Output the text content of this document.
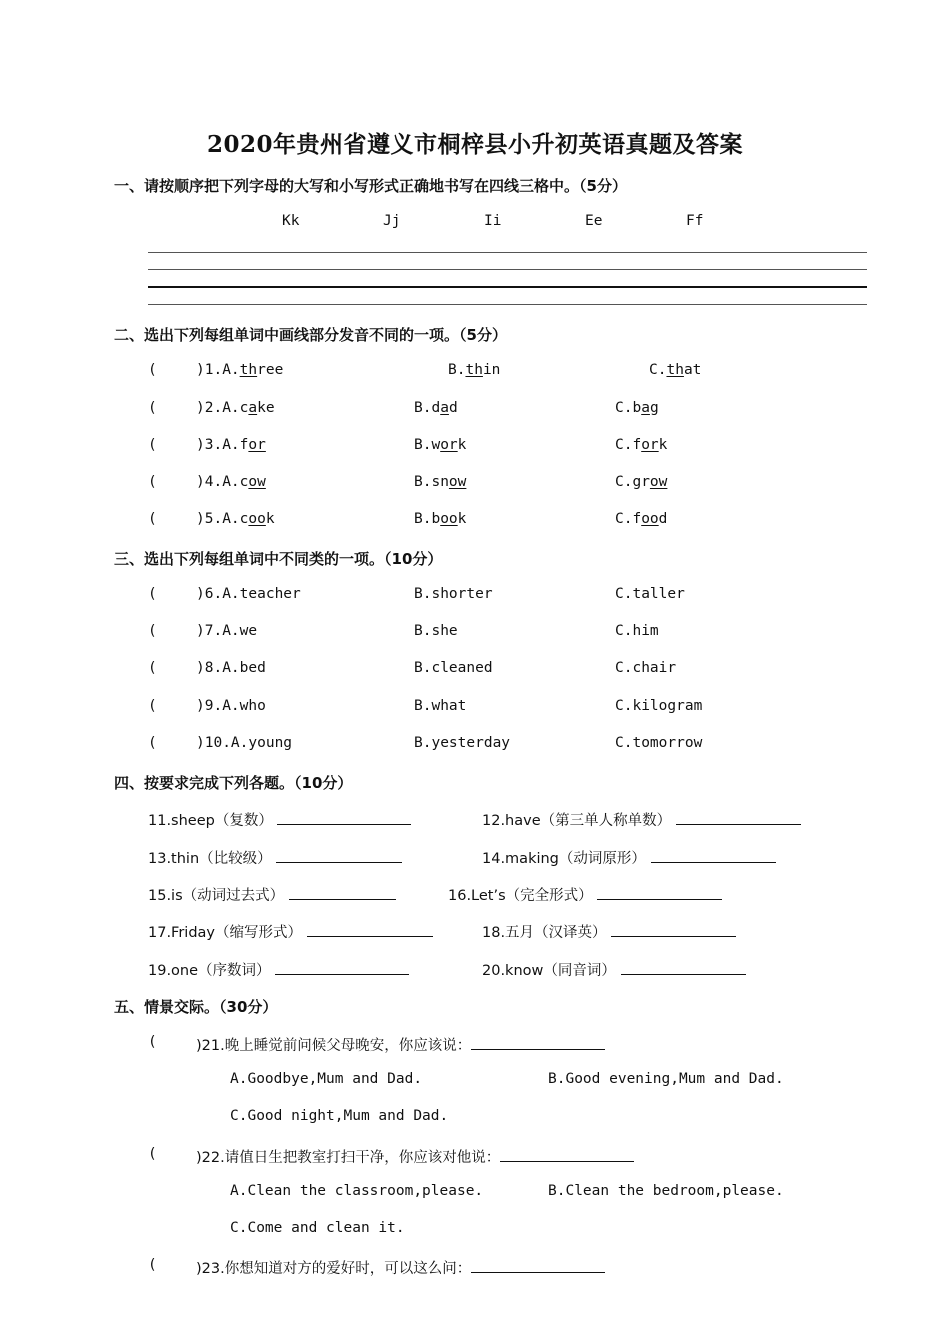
2020年贵州省遵义市桐梓县小升初英语真题及答案
一、请按顺序把下列字母的大写和小写形式正确地书写在四线三格中。（5分）
Kk	Jj	Ii	Ee	Ff
二、选出下列每组单词中画线部分发音不同的一项。（5分）
(	)1.A.three	B.thin	C.that
(	)2.A.cake	B.dad	C.bag
(	)3.A.for	B.work	C.fork
(	)4.A.cow	B.snow	C.grow
(	)5.A.cook	B.book	C.food
三、选出下列每组单词中不同类的一项。（10分）
(	)6.A.teacher	B.shorter	C.taller
(	)7.A.we	B.she	C.him
(	)8.A.bed	B.cleaned	C.chair
(	)9.A.who	B.what	C.kilogram
(	)10.A.young	B.yesterday	C.tomorrow
四、按要求完成下列各题。（10分）
11.sheep（复数）	12.have（第三单人称单数）
13.thin（比较级）	14.making（动词原形）
15.is（动词过去式）	16.Let’s（完全形式）
17.Friday（缩写形式）	18.五月（汉译英）
19.one（序数词）	20.know（同音词）
五、情景交际。（30分）
(	)21.晚上睡觉前问候父母晚安，你应该说：
A.Goodbye,Mum and Dad.	B.Good evening,Mum and Dad.
C.Good night,Mum and Dad.
(	)22.请值日生把教室打扫干净，你应该对他说：
A.Clean the classroom,please.	B.Clean the bedroom,please.
C.Come and clean it.
(	)23.你想知道对方的爱好时，可以这么问：
